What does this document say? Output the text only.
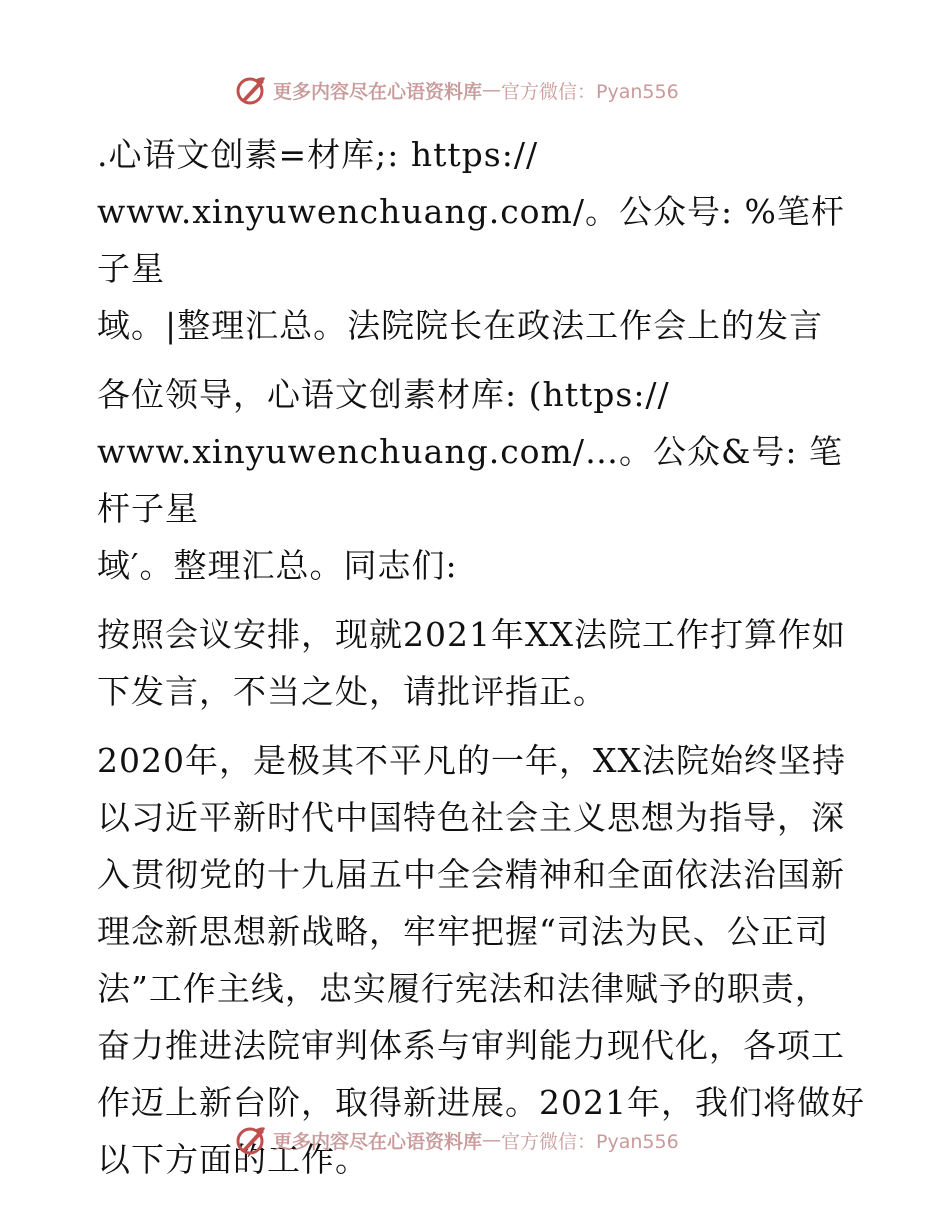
更多内容尽在心语资料库 — 官方微信：Pyan556

.心语文创素=材库;: https://
www.xinyuwenchuang.com/。公众号: %笔杆子星
域。|整理汇总。法院院长在政法工作会上的发言

各位领导，心语文创素材库: (https://
www.xinyuwenchuang.com/…。公众&号: 笔杆子星
域′。整理汇总。同志们:

按照会议安排，现就2021年XX法院工作打算作如
下发言，不当之处，请批评指正。

2020年，是极其不平凡的一年，XX法院始终坚持
以习近平新时代中国特色社会主义思想为指导，深
入贯彻党的十九届五中全会精神和全面依法治国新
理念新思想新战略，牢牢把握“司法为民、公正司
法”工作主线，忠实履行宪法和法律赋予的职责，
奋力推进法院审判体系与审判能力现代化，各项工
作迈上新台阶，取得新进展。2021年，我们将做好
以下方面的工作。

更多内容尽在心语资料库 — 官方微信：Pyan556
